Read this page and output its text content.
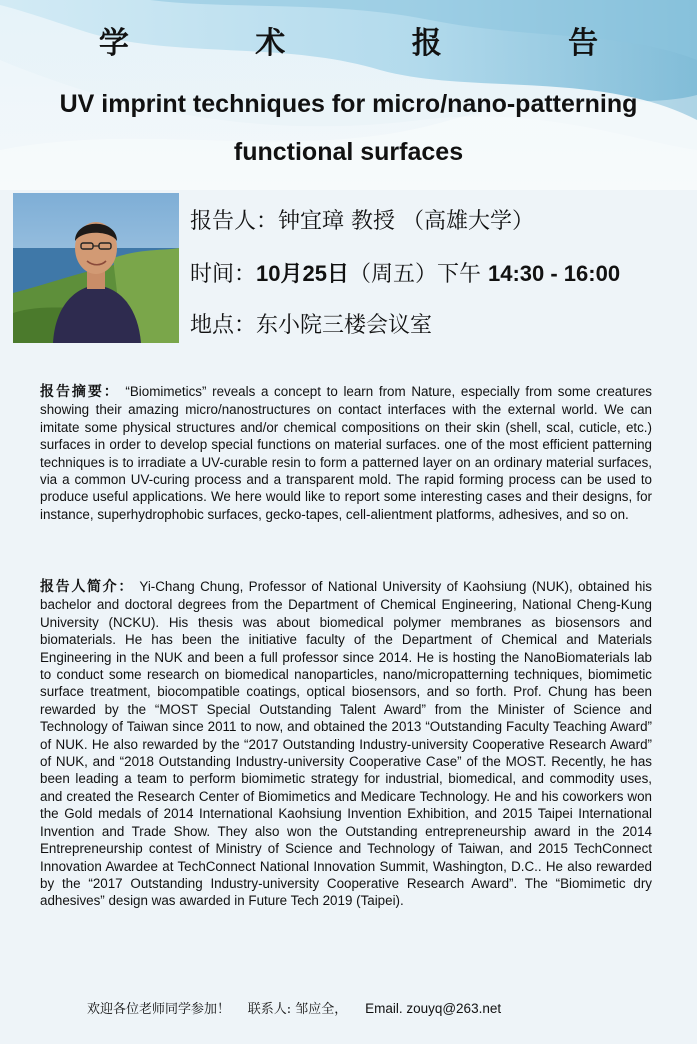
学 术 报 告
UV imprint techniques for micro/nano-patterning
functional surfaces
报告人：钟宜璋 教授 （高雄大学）
时间：10月25日（周五）下午 14:30 - 16:00
地点：东小院三楼会议室
报告摘要： “Biomimetics” reveals a concept to learn from Nature, especially from some creatures showing their amazing micro/nanostructures on contact interfaces with the external world. We can imitate some physical structures and/or chemical compositions on their skin (shell, scal, cuticle, etc.) surfaces in order to develop special functions on material surfaces. one of the most efficient patterning techniques is to irradiate a UV-curable resin to form a patterned layer on an ordinary material surfaces, via a common UV-curing process and a transparent mold. The rapid forming process can be used to produce useful applications. We here would like to report some interesting cases and their designs, for instance, superhydrophobic surfaces, gecko-tapes, cell-alientment platforms, adhesives, and so on.
报告人简介： Yi-Chang Chung, Professor of National University of Kaohsiung (NUK), obtained his bachelor and doctoral degrees from the Department of Chemical Engineering, National Cheng-Kung University (NCKU). His thesis was about biomedical polymer membranes as biosensors and biomaterials. He has been the initiative faculty of the Department of Chemical and Materials Engineering in the NUK and been a full professor since 2014. He is hosting the NanoBiomaterials lab to conduct some research on biomedical nanoparticles, nano/micropatterning techniques, biomimetic surface treatment, biocompatible coatings, optical biosensors, and so forth. Prof. Chung has been rewarded by the “MOST Special Outstanding Talent Award” from the Minister of Science and Technology of Taiwan since 2011 to now, and obtained the 2013 “Outstanding Faculty Teaching Award” of NUK. He also rewarded by the “2017 Outstanding Industry-university Cooperative Research Award” of NUK, and “2018 Outstanding Industry-university Cooperative Case” of the MOST. Recently, he has been leading a team to perform biomimetic strategy for industrial, biomedical, and commodity uses, and created the Research Center of Biomimetics and Medicare Technology. He and his coworkers won the Gold medals of 2014 International Kaohsiung Invention Exhibition, and 2015 Taipei International Invention and Trade Show. They also won the Outstanding entrepreneurship award in the 2014 Entrepreneurship contest of Ministry of Science and Technology of Taiwan, and 2015 TechConnect Innovation Awardee at TechConnect National Innovation Summit, Washington, D.C.. He also rewarded by the “2017 Outstanding Industry-university Cooperative Research Award”. The “Biomimetic dry adhesives” design was awarded in Future Tech 2019 (Taipei).
欢迎各位老师同学参加！ 联系人: 邹应全， Email. zouyq@263.net
